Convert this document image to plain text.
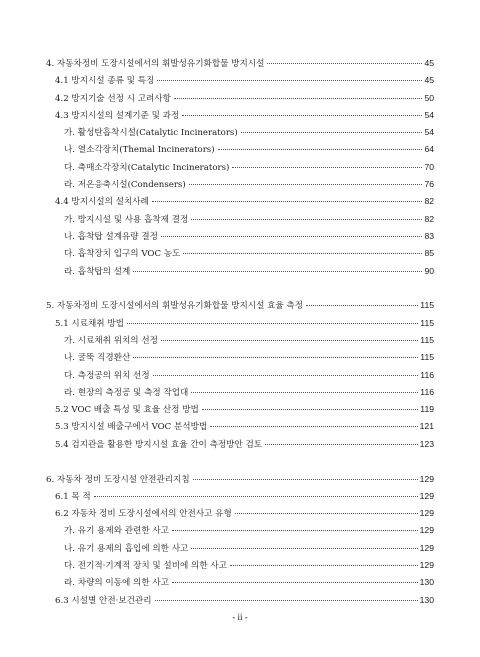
4. 자동차정비 도장시설에서의 휘발성유기화합물 방지시설	45
4.1 방지시설 종류 및 특징	45
4.2 방지기술 선정 시 고려사항	50
4.3 방지시설의 설계기준 및 과정	54
가. 활성탄흡착시설(Catalytic Incinerators)	54
나. 열소각장치(Themal Incinerators)	64
다. 축매소각장치(Catalytic Incinerators)	70
라. 저온응축시설(Condensers)	76
4.4 방지시설의 설치사례	82
가. 방지시설 및 사용 흡착제 결정	82
나. 흡착탑 설계유량 결정	83
다. 흡착장치 입구의 VOC 농도	85
라. 흡착탑의 설계	90
5. 자동차정비 도장시설에서의 휘발성유기화합물 방지시설 효율 측정	115
5.1 시료채취 방법	115
가. 시료채취 위치의 선정	115
나. 굴뚝 직경환산	115
다. 측정공의 위치 선정	116
라. 현장의 측정공 및 측정 작업대	116
5.2 VOC 배출 특성 및 효율 산정 방법	119
5.3 방지시설 배출구에서 VOC 분석방법	121
5.4 검지관을 활용한 방지시설 효율 간이 측정방안 검토	123
6. 자동차 정비 도장시설 안전관리지침	129
6.1 목 적	129
6.2 자동차 정비 도장시설에서의 안전사고 유형	129
가. 유기 용제와 관련한 사고	129
나. 유기 용제의 흡입에 의한 사고	129
다. 전기적·기계적 장치 및 설비에 의한 사고	129
라. 차량의 이동에 의한 사고	130
6.3 시설별 안전·보건관리	130
- ii -
